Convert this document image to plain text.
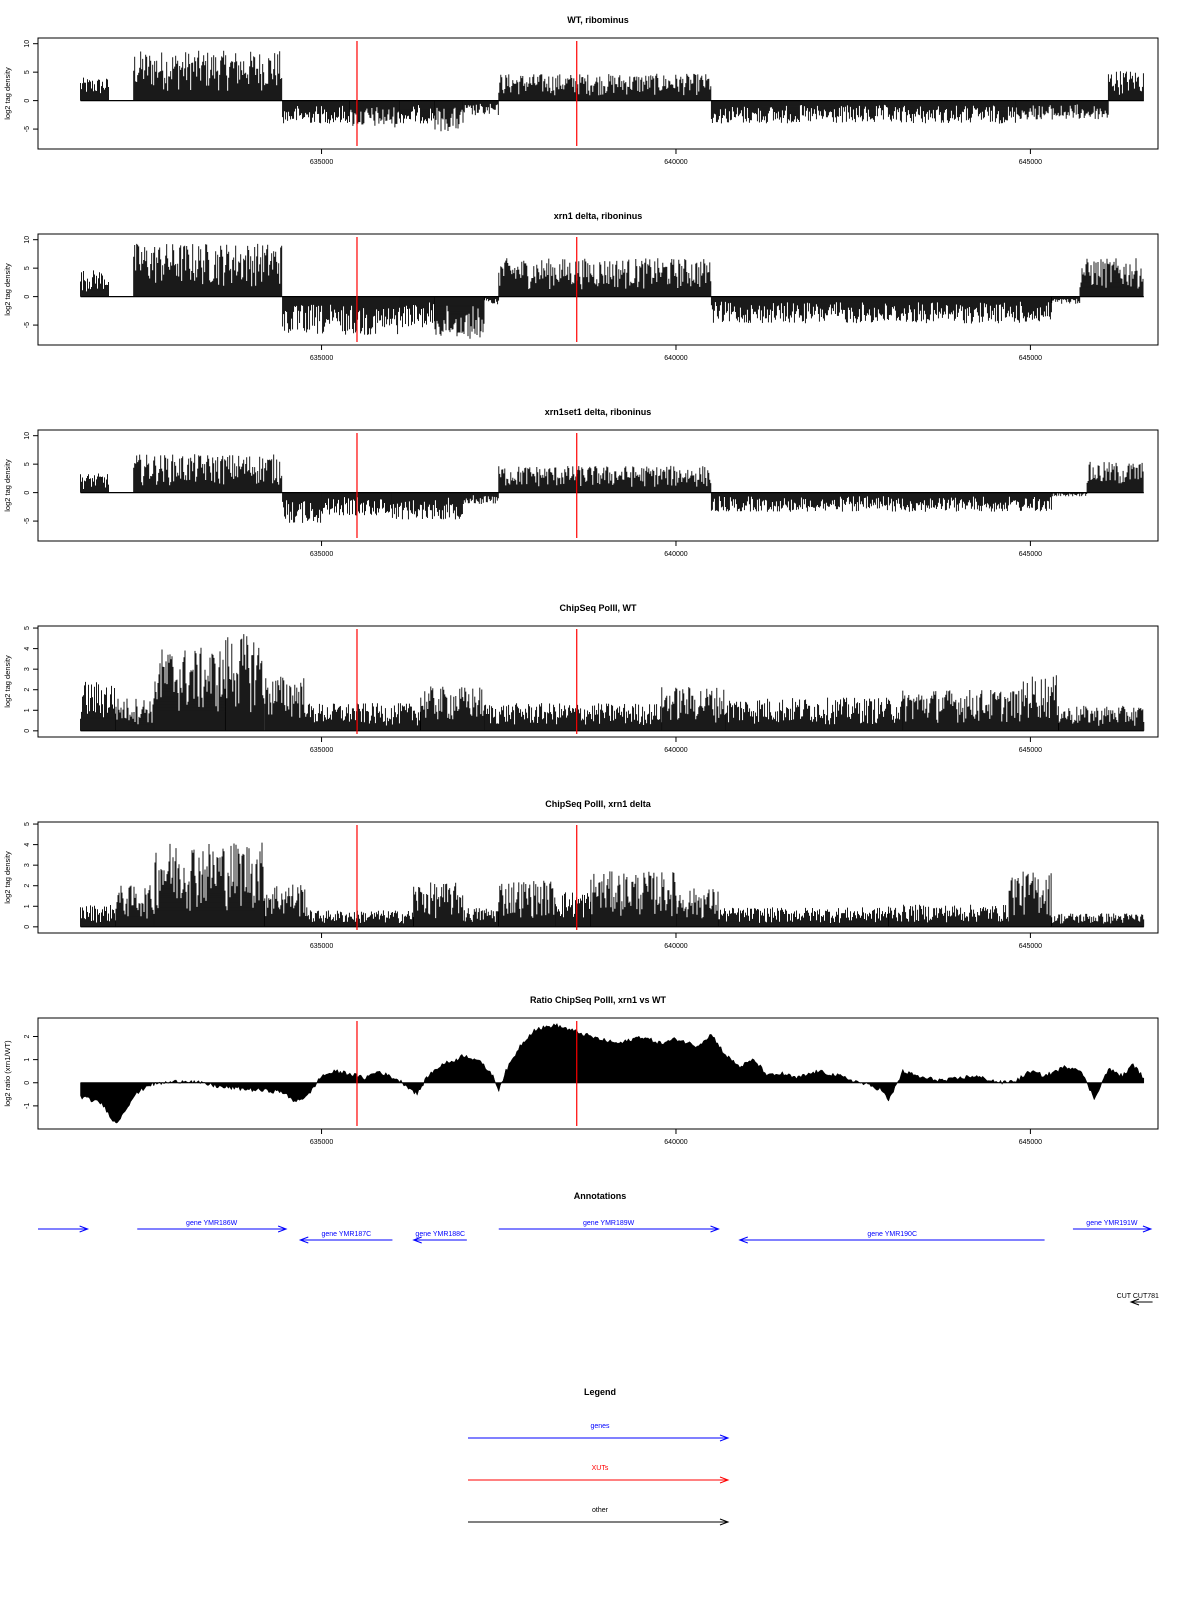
WT, ribominus
635000	640000	645000
-5
0
5
10
log2 tag density
xrn1 delta, riboninus
635000	640000	645000
-5
0
5
10
log2 tag density
xrn1set1 delta, riboninus
635000	640000	645000
-5
0
5
10
log2 tag density
ChipSeq PolII, WT
635000	640000	645000
0
1
2
3
4
5
log2 tag density
ChipSeq PolII, xrn1 delta
635000	640000	645000
0
1
2
3
4
5
log2 tag density
Ratio ChipSeq PolII, xrn1 vs WT
635000	640000	645000
-1
0
1
2
log2 ratio (xrn1/WT)
Annotations
gene YMR186W
gene YMR187C	gene YMR188C
gene YMR189W
gene YMR190C
gene YMR191W
CUT CUT781
Legend
genes
XUTs
other
